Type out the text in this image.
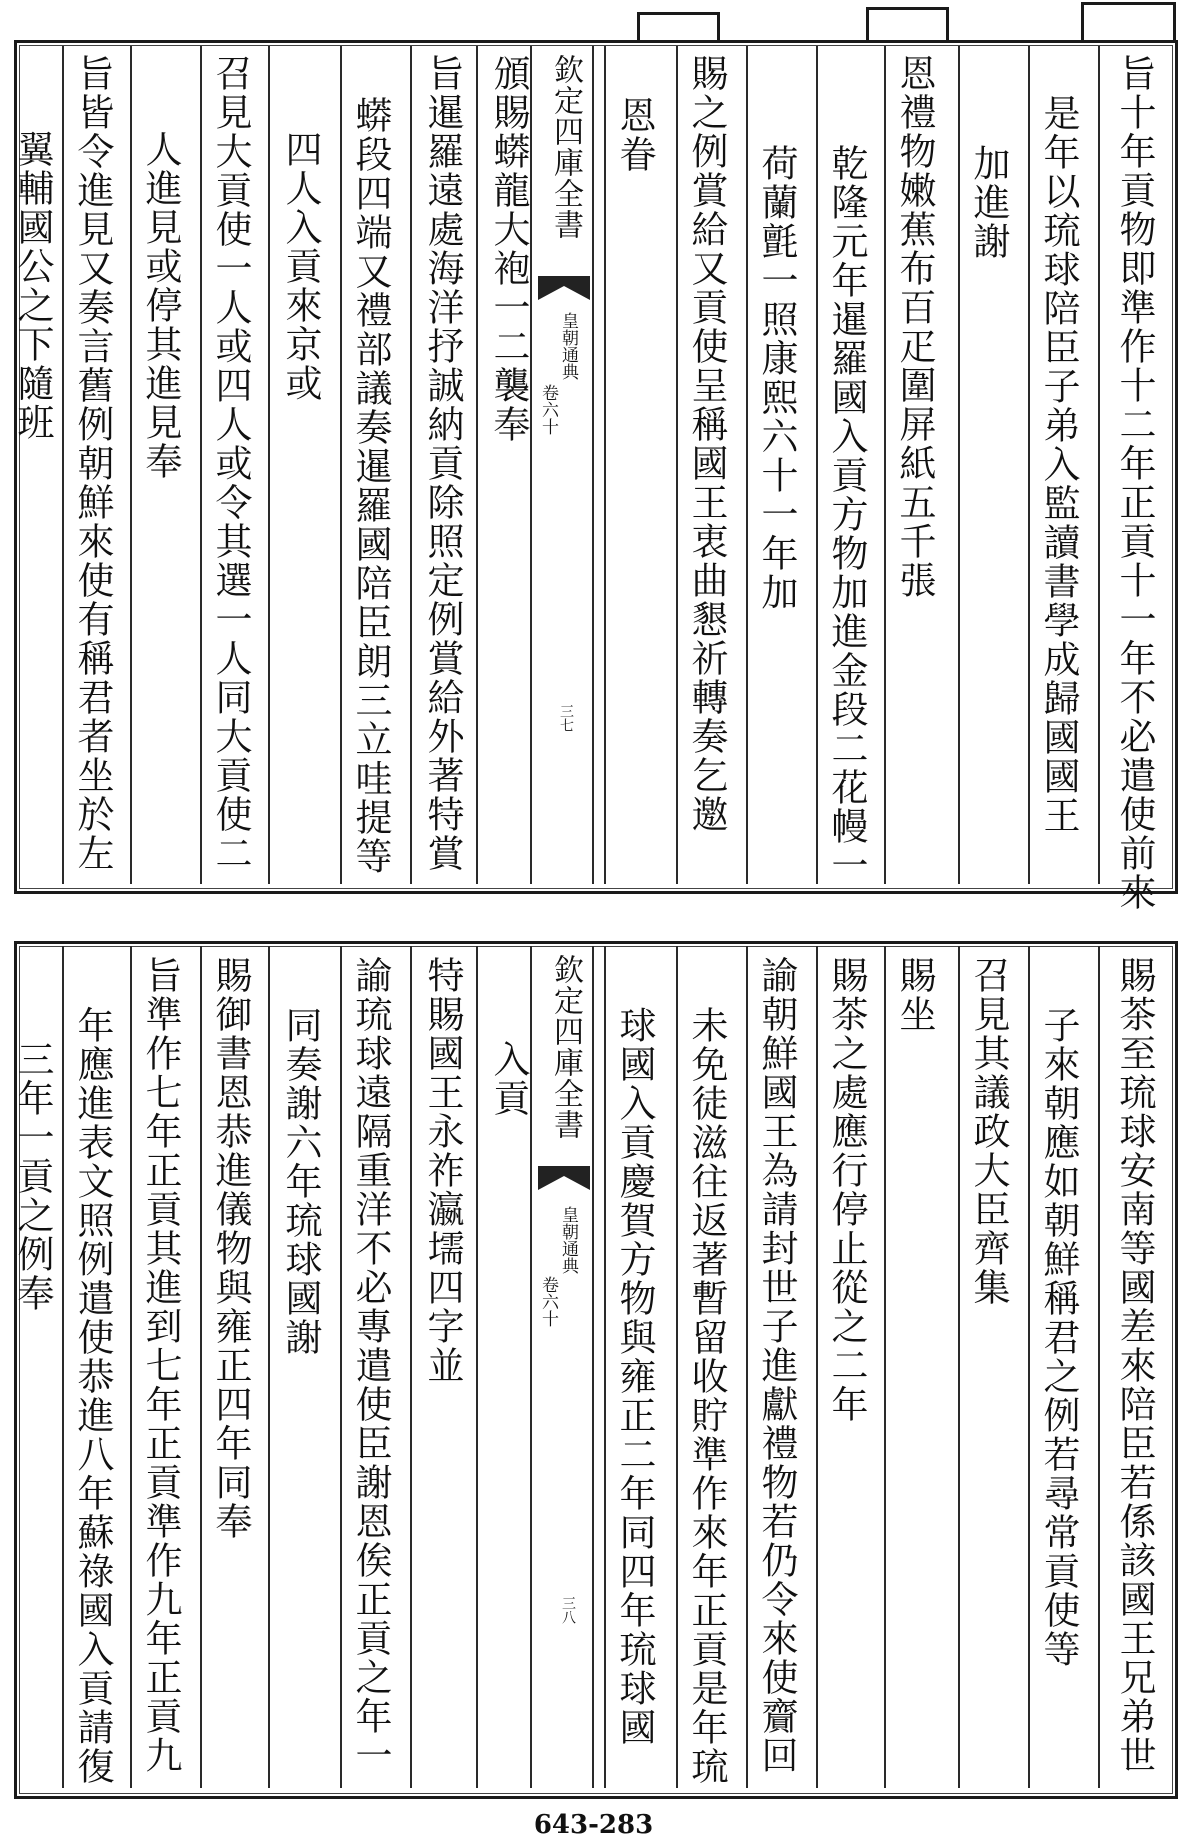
旨十年貢物即準作十二年正貢十一年不必遣使前來
是年以琉球陪臣子弟入監讀書學成歸國國王
加進謝
恩禮物嫩蕉布百疋圍屏紙五千張
乾隆元年暹羅國入貢方物加進金段二花幔一
荷蘭氈一照康熙六十一年加
賜之例賞給又貢使呈稱國王衷曲懇祈轉奏乞邀
恩眷
頒賜蟒龍大袍一二襲奉
旨暹羅遠處海洋抒誠納貢除照定例賞給外著特賞
蟒段四端又禮部議奏暹羅國陪臣朗三立哇提等
四人入貢來京或
召見大貢使一人或四人或令其選一人同大貢使二
人進見或停其進見奉
旨皆令進見又奏言舊例朝鮮來使有稱君者坐於左
翼輔國公之下隨班
賜茶至琉球安南等國差來陪臣若係該國王兄弟世
子來朝應如朝鮮稱君之例若尋常貢使等
召見其議政大臣齊集
賜坐
賜茶之處應行停止從之二年
諭朝鮮國王為請封世子進獻禮物若仍令來使齎回
未免徒滋往返著暫留收貯準作來年正貢是年琉
球國入貢慶賀方物與雍正二年同四年琉球國
入貢
特賜國王永祚瀛壖四字並
諭琉球遠隔重洋不必專遣使臣謝恩俟正貢之年一
同奏謝六年琉球國謝
賜御書恩恭進儀物與雍正四年同奉
旨準作七年正貢其進到七年正貢準作九年正貢九
年應進表文照例遣使恭進八年蘇祿國入貢請復
三年一貢之例奉
欽定四庫全書
皇朝通典
卷六十
三七
欽定四庫全書
皇朝通典
卷六十
三八
643-283
